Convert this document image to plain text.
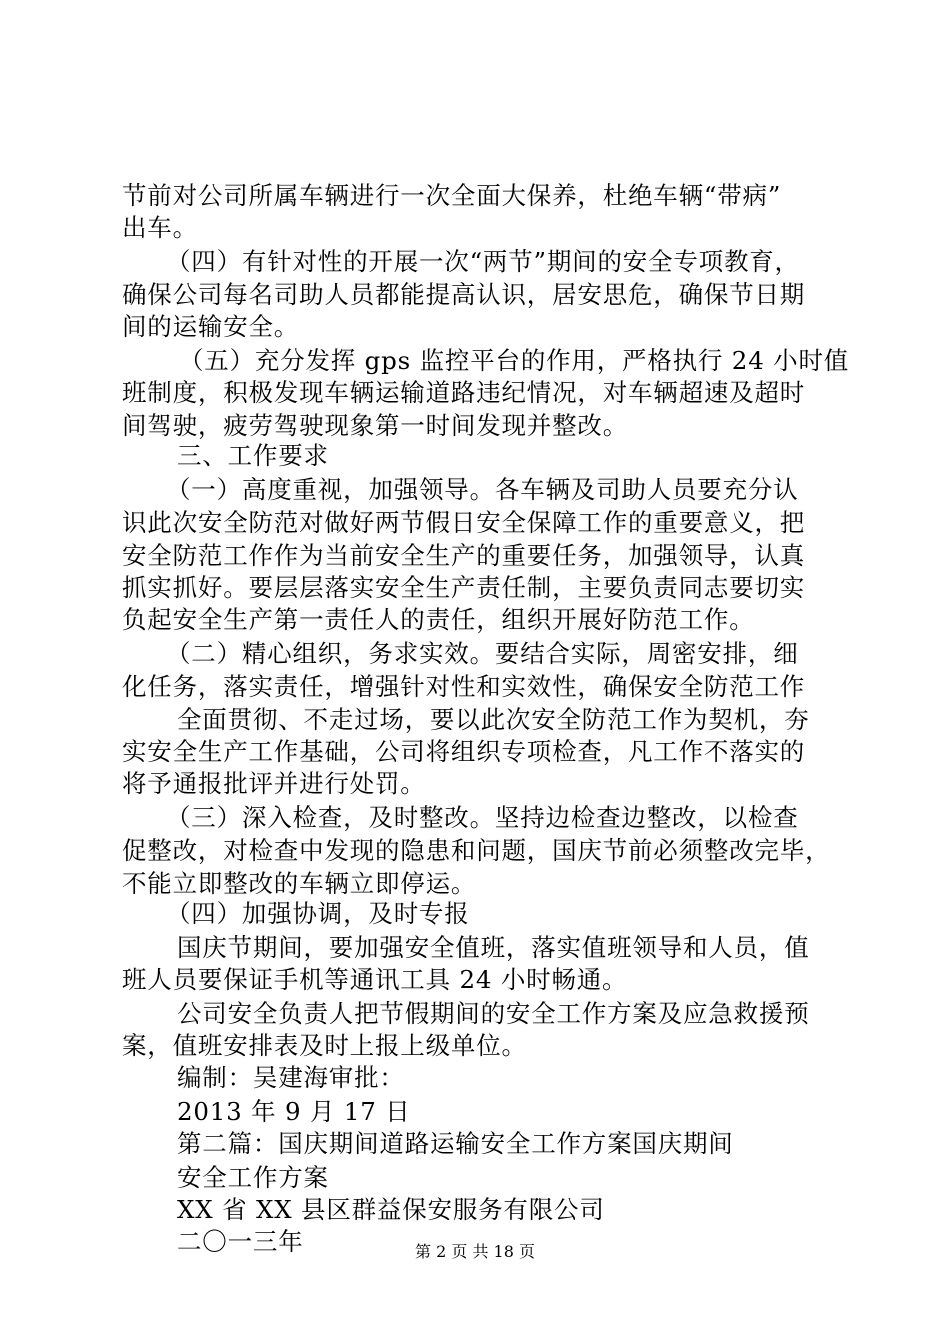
节前对公司所属车辆进行一次全面大保养，杜绝车辆“带病”
出车。
（四）有针对性的开展一次“两节”期间的安全专项教育，
确保公司每名司助人员都能提高认识，居安思危，确保节日期
间的运输安全。
（五）充分发挥 gps 监控平台的作用，严格执行 24 小时值
班制度，积极发现车辆运输道路违纪情况，对车辆超速及超时
间驾驶，疲劳驾驶现象第一时间发现并整改。
三、工作要求
（一）高度重视，加强领导。各车辆及司助人员要充分认
识此次安全防范对做好两节假日安全保障工作的重要意义，把
安全防范工作作为当前安全生产的重要任务，加强领导，认真
抓实抓好。要层层落实安全生产责任制，主要负责同志要切实
负起安全生产第一责任人的责任，组织开展好防范工作。
（二）精心组织，务求实效。要结合实际，周密安排，细
化任务，落实责任，增强针对性和实效性，确保安全防范工作
全面贯彻、不走过场，要以此次安全防范工作为契机，夯
实安全生产工作基础，公司将组织专项检查，凡工作不落实的
将予通报批评并进行处罚。
（三）深入检查，及时整改。坚持边检查边整改，以检查
促整改，对检查中发现的隐患和问题，国庆节前必须整改完毕，
不能立即整改的车辆立即停运。
（四）加强协调，及时专报
国庆节期间，要加强安全值班，落实值班领导和人员，值
班人员要保证手机等通讯工具 24 小时畅通。
公司安全负责人把节假期间的安全工作方案及应急救援预
案，值班安排表及时上报上级单位。
编制：吴建海审批：
2013 年 9 月 17 日
第二篇：国庆期间道路运输安全工作方案国庆期间
安全工作方案
XX 省 XX 县区群益保安服务有限公司
二〇一三年	第 2 页 共 18 页
